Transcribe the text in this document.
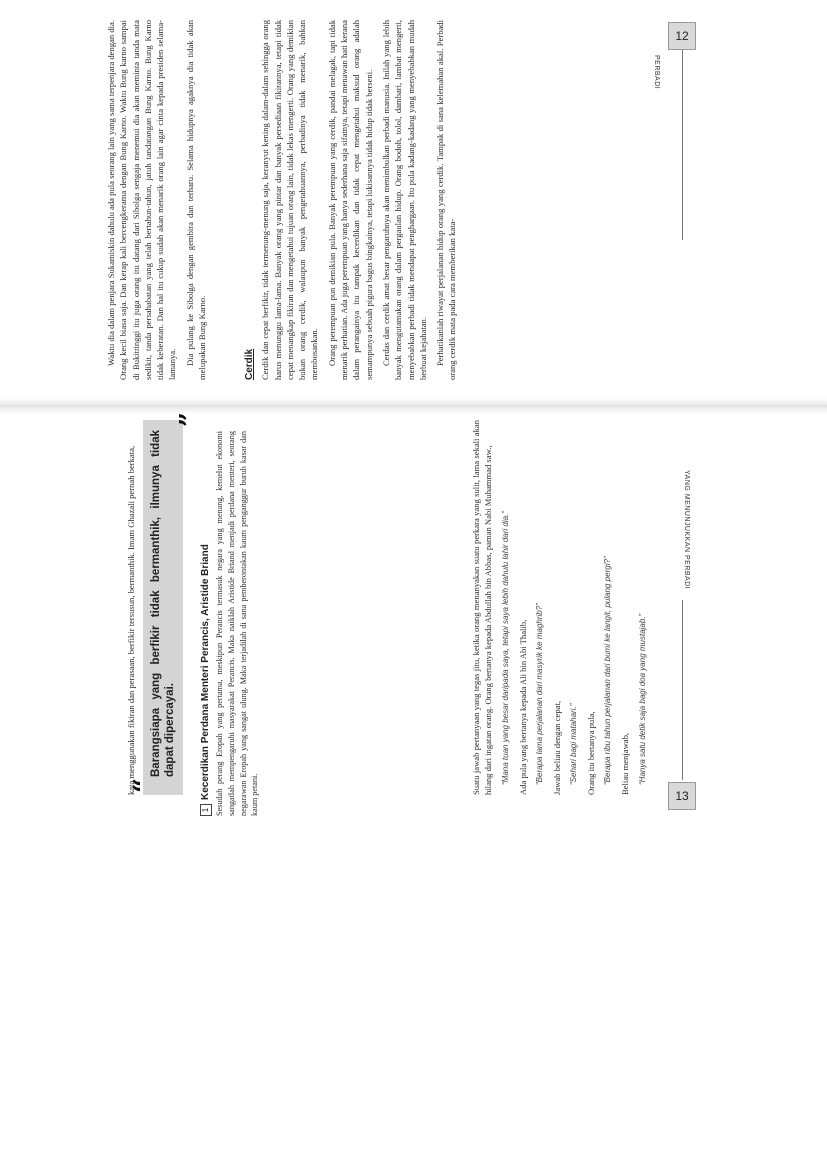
12
PERBADI

Waktu dia dalam penjara Sukamiskin dahulu ada pula seorang lain yang sama terpenjara dengan dia. Orang kecil biasa saja. Dan kerap kali bercengkerama dengan Bung Karno. Waktu Bung karno sampai di Bukittinggi itu juga orang itu datang dari Sibolga sengaja menemui dia akan meminta tanda mata sedikit, tanda persahabatan yang telah bertahun-tahun, jatuh tandatangan Bung Karno. Bung Karno tidak keberatan. Dan hal itu cukup sudah akan menarik orang lain agar cinta kepada presiden selama-lamanya. Dia pulang ke Sibolga dengan gembira dan terharu. Selama hidupnya agaknya dia tidak akan melupakan Bung Karno.	Cerdik Cerdik dan cepat berfikir, tidak termenung-menung saja, keranyut kening dalam-dalam sehingga orang harus menunggu lama-lama. Banyak orang yang pintar dan banyak persediaan fikirannya, tetapi tidak cepat menangkap fikiran dan mengetahui tujuan orang lain, tidak lekas mengerti. Orang yang demikian bukan orang cerdik, walaupun banyak pengetahuannya, perbadinya tidak menarik, bahkan membosankan. Orang perempuan pun demikian pula. Banyak perempuan yang cerdik, pandai melagak, tapi tidak menarik perhatian. Ada juga perempuan yang hanya sederhana saja sifatnya, tetapi menawan hati kerana dalam perangainya itu tampak kecerdikan dan tidak cepat mengetahui maksud orang adalah semampunya sebuah pigura bagus bingkainya, tetapi lukisannya tidak hidup tidak berseni. Cerdas dan cerdik amat besar pengaruhnya akan menimbulkan perbadi manusia. Inilah yang lebih banyak mengutamakan orang dalam pergaulan hidup. Orang bodoh, tolol, dambari, lambat mengerti, menyebabkan perbadi tidak mendapat penghargaan. Itu pula kadang-kadang yang menyebabkan mudah berbuat kejahatan. Perhatikanlah riwayat perjalanan hidup orang yang cerdik. Tampak di sana kelemahan akal. Perbadi orang cerdik mata pada cara memberikan kata-

13
YANG MENUNJUKKAN PERBADI

kata menggunakan fikiran dan perasaan, berfikir tersusun, bermanthik. Imam Ghazali pernah berkata,

“
Barangsiapa yang berfikir tidak bermanthik, ilmunya tidak dapat dipercayai.
”

Suatu jawab pertanyaan yang tegas jitu, ketika orang menanyakan suatu perkara yang sulit, lama sekali akan hilang dari ingatan orang. Orang bertanya kepada Abdullah bin Abbas, paman Nabi Muhammad saw., “Mana tuan yang besar daripada saya, tetapi saya lebih dahulu lahir dari dia.” Ada pula yang bertanya kepada Ali bin Abi Thalib, “Berapa lama perjalanan dari masyrik ke maghrib?” Jawab beliau dengan cepat, “Sehari bagi matahari.” Orang itu bertanya pula, “Berapa ribu tahun perjalanan dari bumi ke langit, pulang pergi?” Beliau menjawab, “Hanya satu detik saja bagi doa yang mustajab.”
1Kecerdikan Perdana Menteri Perancis, Aristide Briand Sesudah perang Eropah yang pertama, meskipun Perancis termasuk negara yang menang, kemelut ekonomi sangatlah mempengaruhi masyarakat Perancis. Maka naiklah Aristide Briand menjadi perdana menteri, seorang negarawan Eropah yang sangat ulung. Maka terjadilah di sana pemberontakan kaum penganggur buruh kasar dan kaum petani.
